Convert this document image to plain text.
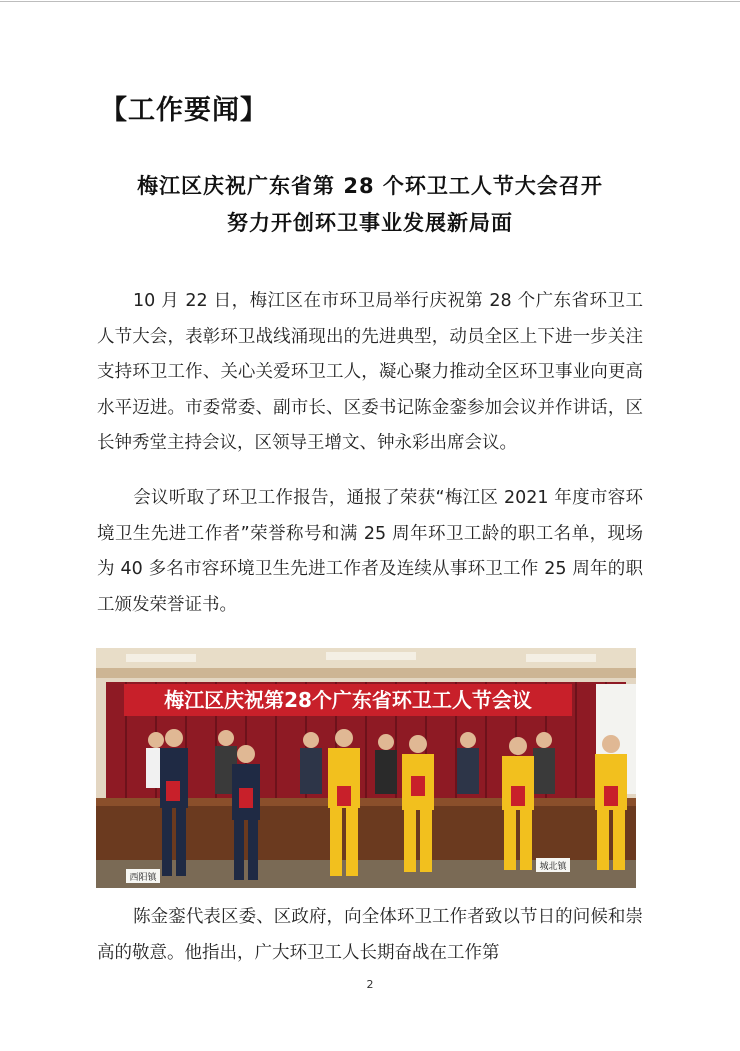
【工作要闻】
梅江区庆祝广东省第 28 个环卫工人节大会召开
努力开创环卫事业发展新局面
10 月 22 日，梅江区在市环卫局举行庆祝第 28 个广东省环卫工人节大会，表彰环卫战线涌现出的先进典型，动员全区上下进一步关注支持环卫工作、关心关爱环卫工人，凝心聚力推动全区环卫事业向更高水平迈进。市委常委、副市长、区委书记陈金銮参加会议并作讲话，区长钟秀堂主持会议，区领导王增文、钟永彩出席会议。
会议听取了环卫工作报告，通报了荣获“梅江区 2021 年度市容环境卫生先进工作者”荣誉称号和满 25 周年环卫工龄的职工名单，现场为 40 多名市容环境卫生先进工作者及连续从事环卫工作 25 周年的职工颁发荣誉证书。
梅江区庆祝第28个广东省环卫工人节会议
西阳镇
城北镇
陈金銮代表区委、区政府，向全体环卫工作者致以节日的问候和崇高的敬意。他指出，广大环卫工人长期奋战在工作第
2
